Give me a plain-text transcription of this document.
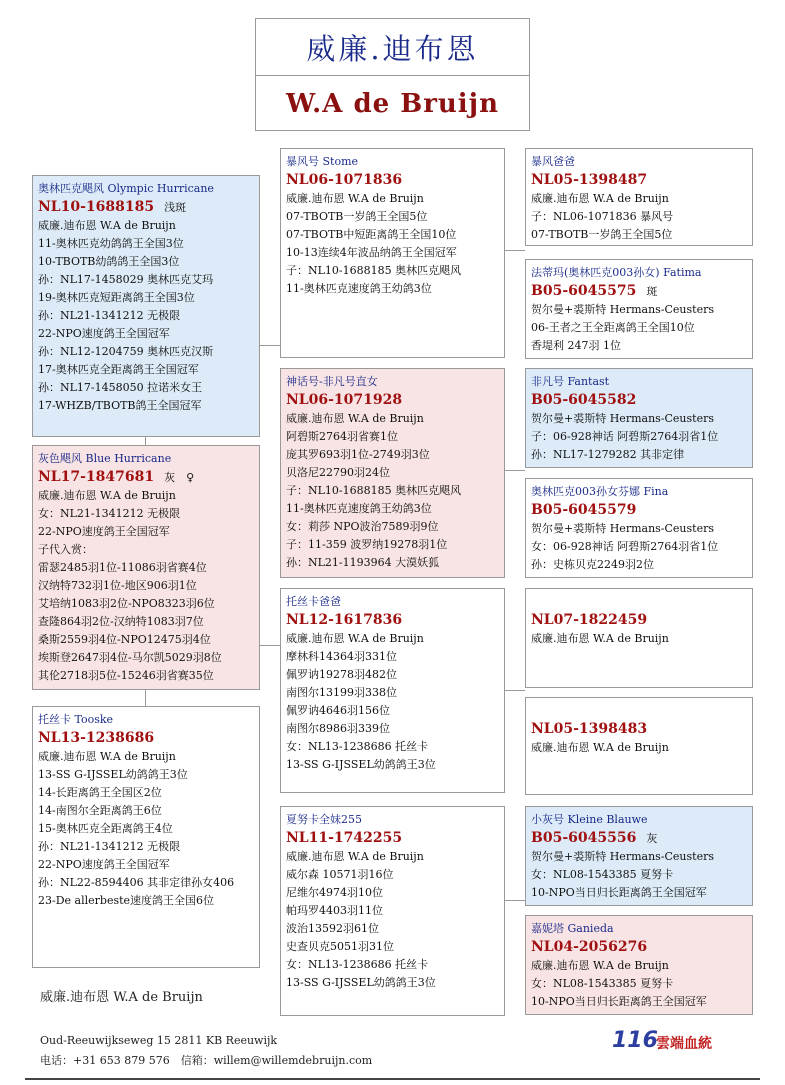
威廉.迪布恩
W.A de Bruijn
奥林匹克飓风 Olympic Hurricane
NL10-1688185 浅斑
威廉.迪布恩 W.A de Bruijn
11-奥林匹克幼鸽鸽王全国3位
10-TBOTB幼鸽鸽王全国3位
孙：NL17-1458029 奥林匹克艾玛
19-奥林匹克短距离鸽王全国3位
孙：NL21-1341212 无极限
22-NPO速度鸽王全国冠军
孙：NL12-1204759 奥林匹克汉斯
17-奥林匹克全距离鸽王全国冠军
孙：NL17-1458050 拉诺米女王
17-WHZB/TBOTB鸽王全国冠军
灰色飓风 Blue Hurricane
NL17-1847681 灰　♀
威廉.迪布恩 W.A de Bruijn
女：NL21-1341212 无极限
22-NPO速度鸽王全国冠军
子代入赏：
雷瑟2485羽1位-11086羽省赛4位
汉纳特732羽1位-地区906羽1位
艾培纳1083羽2位-NPO8323羽6位
查隆864羽2位-汉纳特1083羽7位
桑斯2559羽4位-NPO12475羽4位
埃斯登2647羽4位-马尔凯5029羽8位
其伦2718羽5位-15246羽省赛35位
托丝卡 Tooske
NL13-1238686
威廉.迪布恩 W.A de Bruijn
13-SS G-IJSSEL幼鸽鸽王3位
14-长距离鸽王全国区2位
14-南图尔全距离鸽王6位
15-奥林匹克全距离鸽王4位
孙：NL21-1341212 无极限
22-NPO速度鸽王全国冠军
孙：NL22-8594406 其非定律孙女406
23-De allerbeste速度鸽王全国6位
暴风号 Stome
NL06-1071836
威廉.迪布恩 W.A de Bruijn
07-TBOTB一岁鸽王全国5位
07-TBOTB中短距离鸽王全国10位
10-13连续4年波品纳鸽王全国冠军
子：NL10-1688185 奥林匹克飓风
11-奥林匹克速度鸽王幼鸽3位
神话号-非凡号直女
NL06-1071928
威廉.迪布恩 W.A de Bruijn
阿碧斯2764羽省赛1位
庞其罗693羽1位-2749羽3位
贝洛尼22790羽24位
子：NL10-1688185 奥林匹克飓风
11-奥林匹克速度鸽王幼鸽3位
女：莉莎 NPO波治7589羽9位
子：11-359 波罗纳19278羽1位
孙：NL21-1193964 大漠妖狐
托丝卡爸爸
NL12-1617836
威廉.迪布恩 W.A de Bruijn
摩林科14364羽331位
佩罗讷19278羽482位
南图尔13199羽338位
佩罗讷4646羽156位
南图尔8986羽339位
女：NL13-1238686 托丝卡
13-SS G-IJSSEL幼鸽鸽王3位
夏努卡全妹255
NL11-1742255
威廉.迪布恩 W.A de Bruijn
威尔森 10571羽16位
尼维尔4974羽10位
帕玛罗4403羽11位
波治13592羽61位
史查贝克5051羽31位
女：NL13-1238686 托丝卡
13-SS G-IJSSEL幼鸽鸽王3位
暴风爸爸
NL05-1398487
威廉.迪布恩 W.A de Bruijn
子：NL06-1071836 暴风号
07-TBOTB一岁鸽王全国5位
法蒂玛(奥林匹克003孙女) Fatima
B05-6045575 斑
贺尔曼+裘斯特 Hermans-Ceusters
06-王者之王全距离鸽王全国10位
香堤利 247羽 1位
非凡号 Fantast
B05-6045582
贺尔曼+裘斯特 Hermans-Ceusters
子：06-928神话 阿碧斯2764羽省1位
孙：NL17-1279282 其非定律
奥林匹克003孙女芬娜 Fina
B05-6045579
贺尔曼+裘斯特 Hermans-Ceusters
女：06-928神话 阿碧斯2764羽省1位
孙：史栋贝克2249羽2位
NL07-1822459
威廉.迪布恩 W.A de Bruijn
NL05-1398483
威廉.迪布恩 W.A de Bruijn
小灰号 Kleine Blauwe
B05-6045556 灰
贺尔曼+裘斯特 Hermans-Ceusters
女：NL08-1543385 夏努卡
10-NPO当日归长距离鸽王全国冠军
嘉妮塔 Ganieda
NL04-2056276
威廉.迪布恩 W.A de Bruijn
女：NL08-1543385 夏努卡
10-NPO当日归长距离鸽王全国冠军
威廉.迪布恩 W.A de Bruijn
Oud-Reeuwijkseweg 15 2811 KB Reeuwijk
电话：+31 653 879 576　信箱：willem@willemdebruijn.com
116
雲端血統
